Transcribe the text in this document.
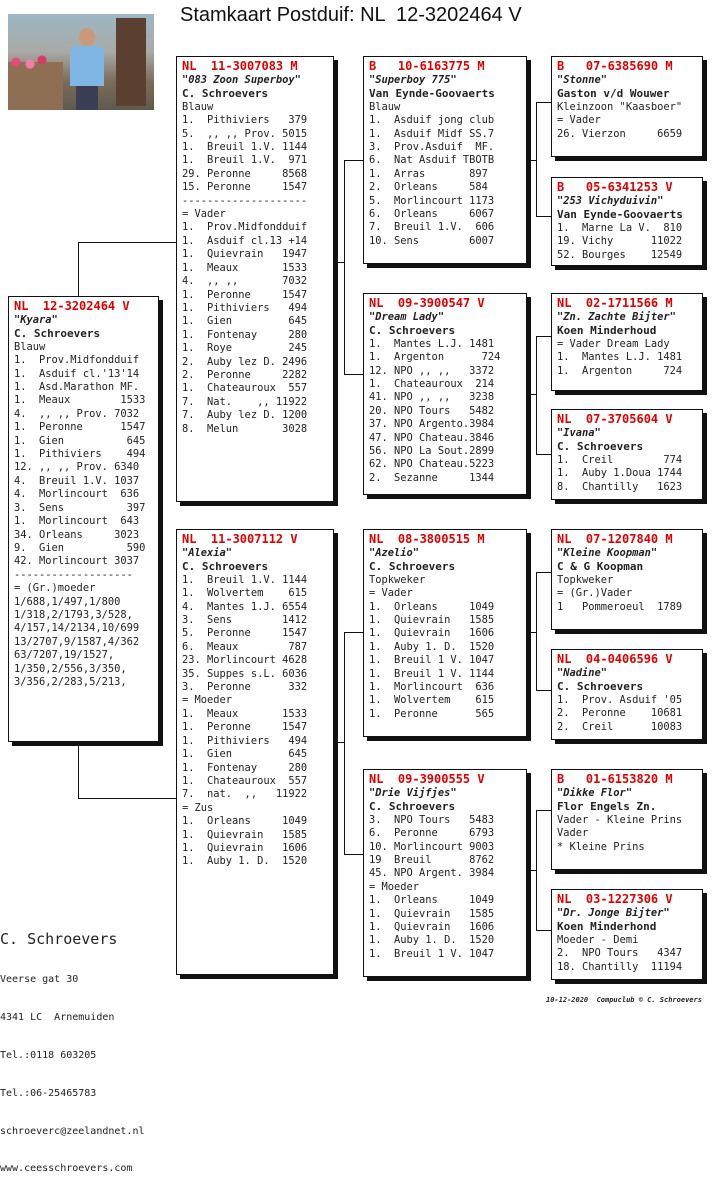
Stamkaart Postduif: NL  12-3202464 V
NL  12-3202464 V
"Kyara"
C. Schroevers
Blauw
1.  Prov.Midfondduif
1.  Asduif cl.'13'14
1.  Asd.Marathon MF.
1.  Meaux        1533
4.  ,, ,, Prov. 7032
1.  Peronne      1547
1.  Gien          645
1.  Pithiviers    494
12. ,, ,, Prov. 6340
4.  Breuil 1.V. 1037
4.  Morlincourt  636
3.  Sens          397
1.  Morlincourt  643
34. Orleans     3023
9.  Gien          590
42. Morlincourt 3037
-------------------
= (Gr.)moeder
1/688,1/497,1/800
1/318,2/1793,3/528,
4/157,14/2134,10/699
13/2707,9/1587,4/362
63/7207,19/1527,
1/350,2/556,3/350,
3/356,2/283,5/213,
NL  11-3007083 M
"083 Zoon Superboy"
C. Schroevers
Blauw
1.  Pithiviers   379
5.  ,, ,, Prov. 5015
1.  Breuil 1.V. 1144
1.  Breuil 1.V.  971
29. Peronne     8568
15. Peronne     1547
--------------------
= Vader
1.  Prov.Midfondduif
1.  Asduif cl.13 +14
1.  Quievrain   1947
1.  Meaux       1533
4.  ,, ,,       7032
1.  Peronne     1547
1.  Pithiviers   494
1.  Gien         645
1.  Fontenay     280
1.  Roye         245
2.  Auby lez D. 2496
2.  Peronne     2282
1.  Chateauroux  557
7.  Nat.    ,, 11922
7.  Auby lez D. 1200
8.  Melun       3028
NL  11-3007112 V
"Alexia"
C. Schroevers
1.  Breuil 1.V. 1144
1.  Wolvertem    615
4.  Mantes 1.J. 6554
3.  Sens        1412
5.  Peronne     1547
6.  Meaux        787
23. Morlincourt 4628
35. Suppes s.L. 6036
3.  Peronne      332
= Moeder
1.  Meaux       1533
1.  Peronne     1547
1.  Pithiviers   494
1.  Gien         645
1.  Fontenay     280
1.  Chateauroux  557
7.  nat.  ,,   11922
= Zus
1.  Orleans     1049
1.  Quievrain   1585
1.  Quievrain   1606
1.  Auby 1. D.  1520
B   10-6163775 M
"Superboy 775"
Van Eynde-Goovaerts
Blauw
1.  Asduif jong club
1.  Asduif Midf SS.7
3.  Prov.Asduif  MF.
6.  Nat Asduif TBOTB
1.  Arras       897
2.  Orleans     584
5.  Morlincourt 1173
6.  Orleans     6067
7.  Breuil 1.V.  606
10. Sens        6007
NL  09-3900547 V
"Dream Lady"
C. Schroevers
1.  Mantes L.J. 1481
1.  Argenton      724
12. NPO ,, ,,   3372
1.  Chateauroux  214
41. NPO ,, ,,   3238
20. NPO Tours   5482
37. NPO Argento.3984
47. NPO Chateau.3846
56. NPO La Sout.2899
62. NPO Chateau.5223
2.  Sezanne     1344
NL  08-3800515 M
"Azelio"
C. Schroevers
Topkweker
= Vader
1.  Orleans     1049
1.  Quievrain   1585
1.  Quievrain   1606
1.  Auby 1. D.  1520
1.  Breuil 1 V. 1047
1.  Breuil 1 V. 1144
1.  Morlincourt  636
1.  Wolvertem    615
1.  Peronne      565
NL  09-3900555 V
"Drie Vijfjes"
C. Schroevers
3.  NPO Tours   5483
6.  Peronne     6793
10. Morlincourt 9003
19  Breuil      8762
45. NPO Argent. 3984
= Moeder
1.  Orleans     1049
1.  Quievrain   1585
1.  Quievrain   1606
1.  Auby 1. D.  1520
1.  Breuil 1 V. 1047
B   07-6385690 M
"Stonne"
Gaston v/d Wouwer
Kleinzoon "Kaasboer"
= Vader
26. Vierzon     6659
B   05-6341253 V
"253 Vichyduivin"
Van Eynde-Goovaerts
1.  Marne La V.  810
19. Vichy      11022
52. Bourges    12549
NL  02-1711566 M
"Zn. Zachte Bijter"
Koen Minderhoud
= Vader Dream Lady
1.  Mantes L.J. 1481
1.  Argenton     724
NL  07-3705604 V
"Ivana"
C. Schroevers
1.  Creil        774
1.  Auby 1.Doua 1744
8.  Chantilly   1623
NL  07-1207840 M
"Kleine Koopman"
C & G Koopman
Topkweker
= (Gr.)Vader
1   Pommeroeul  1789
NL  04-0406596 V
"Nadine"
C. Schroevers
1.  Prov. Asduif '05
2.  Peronne    10681
2.  Creil      10083
B   01-6153820 M
"Dikke Flor"
Flor Engels Zn.
Vader - Kleine Prins
Vader
* Kleine Prins
NL  03-1227306 V
"Dr. Jonge Bijter"
Koen Minderhond
Moeder - Demi
2.  NPO Tours   4347
18. Chantilly  11194

C. Schroevers

Veerse gat 30

4341 LC  Arnemuiden

Tel.:0118 603205

Tel.:06-25465783

schroeverc@zeelandnet.nl

www.ceesschroevers.com

10-12-2020  Compuclub © C. Schroevers
